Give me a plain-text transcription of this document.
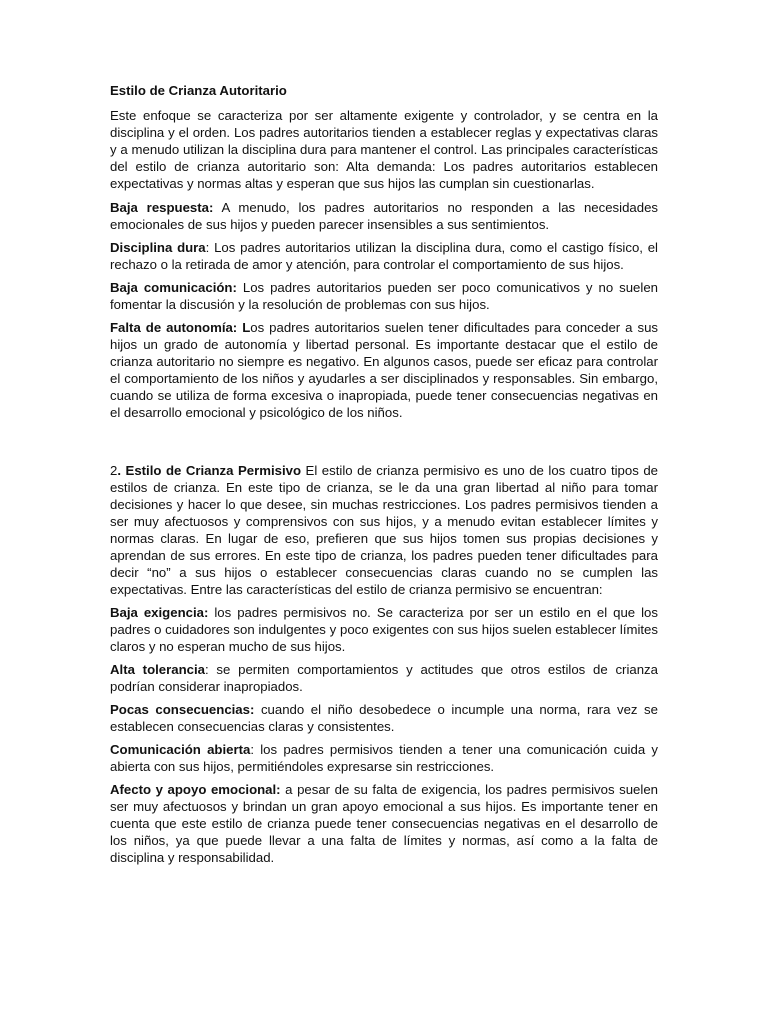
Estilo de Crianza Autoritario

Este enfoque se caracteriza por ser altamente exigente y controlador, y se centra en la disciplina y el orden. Los padres autoritarios tienden a establecer reglas y expectativas claras y a menudo utilizan la disciplina dura para mantener el control. Las principales características del estilo de crianza autoritario son: Alta demanda: Los padres autoritarios establecen expectativas y normas altas y esperan que sus hijos las cumplan sin cuestionarlas.

Baja respuesta: A menudo, los padres autoritarios no responden a las necesidades emocionales de sus hijos y pueden parecer insensibles a sus sentimientos.

Disciplina dura: Los padres autoritarios utilizan la disciplina dura, como el castigo físico, el rechazo o la retirada de amor y atención, para controlar el comportamiento de sus hijos.

Baja comunicación: Los padres autoritarios pueden ser poco comunicativos y no suelen fomentar la discusión y la resolución de problemas con sus hijos.

Falta de autonomía: Los padres autoritarios suelen tener dificultades para conceder a sus hijos un grado de autonomía y libertad personal. Es importante destacar que el estilo de crianza autoritario no siempre es negativo. En algunos casos, puede ser eficaz para controlar el comportamiento de los niños y ayudarles a ser disciplinados y responsables. Sin embargo, cuando se utiliza de forma excesiva o inapropiada, puede tener consecuencias negativas en el desarrollo emocional y psicológico de los niños.

2. Estilo de Crianza Permisivo El estilo de crianza permisivo es uno de los cuatro tipos de estilos de crianza. En este tipo de crianza, se le da una gran libertad al niño para tomar decisiones y hacer lo que desee, sin muchas restricciones. Los padres permisivos tienden a ser muy afectuosos y comprensivos con sus hijos, y a menudo evitan establecer límites y normas claras. En lugar de eso, prefieren que sus hijos tomen sus propias decisiones y aprendan de sus errores. En este tipo de crianza, los padres pueden tener dificultades para decir “no” a sus hijos o establecer consecuencias claras cuando no se cumplen las expectativas. Entre las características del estilo de crianza permisivo se encuentran:

Baja exigencia: los padres permisivos no. Se caracteriza por ser un estilo en el que los padres o cuidadores son indulgentes y poco exigentes con sus hijos suelen establecer límites claros y no esperan mucho de sus hijos.

Alta tolerancia: se permiten comportamientos y actitudes que otros estilos de crianza podrían considerar inapropiados.

Pocas consecuencias: cuando el niño desobedece o incumple una norma, rara vez se establecen consecuencias claras y consistentes.

Comunicación abierta: los padres permisivos tienden a tener una comunicación cuida y abierta con sus hijos, permitiéndoles expresarse sin restricciones.

Afecto y apoyo emocional: a pesar de su falta de exigencia, los padres permisivos suelen ser muy afectuosos y brindan un gran apoyo emocional a sus hijos. Es importante tener en cuenta que este estilo de crianza puede tener consecuencias negativas en el desarrollo de los niños, ya que puede llevar a una falta de límites y normas, así como a la falta de disciplina y responsabilidad.
